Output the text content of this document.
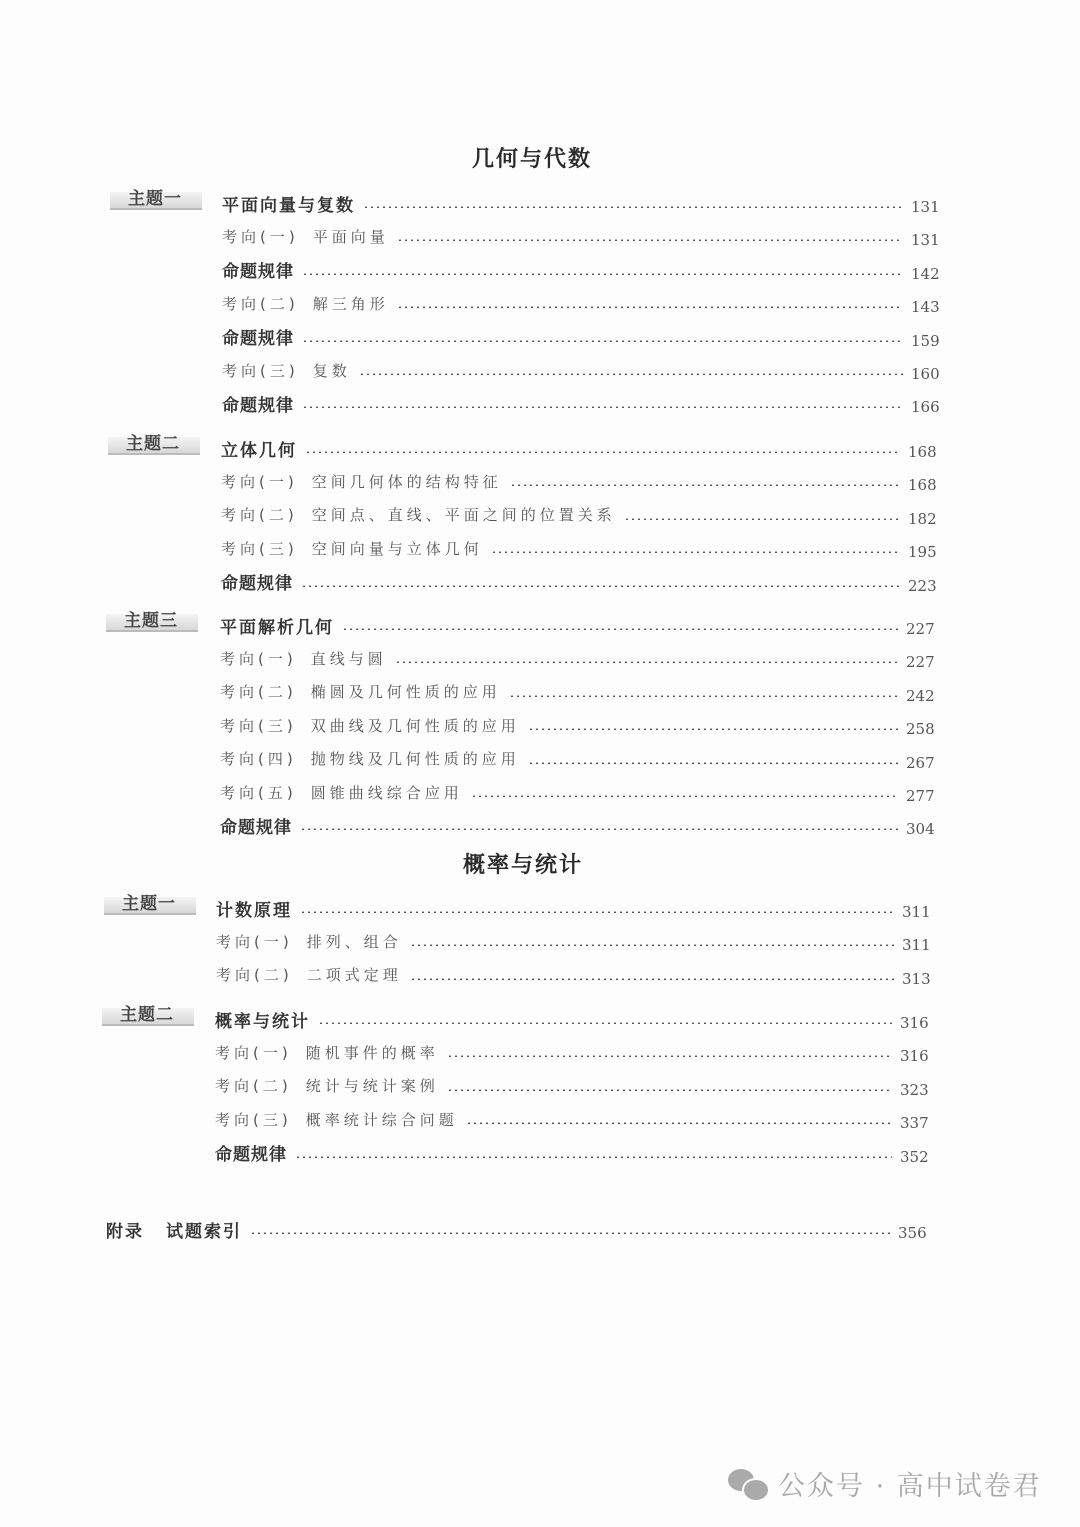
几何与代数
主题一 平面向量与复数	131
考向(一) 平面向量	131
命题规律	142
考向(二) 解三角形	143
命题规律	159
考向(三) 复数	160
命题规律	166
主题二 立体几何	168
考向(一) 空间几何体的结构特征	168
考向(二) 空间点、直线、平面之间的位置关系	182
考向(三) 空间向量与立体几何	195
命题规律	223
主题三 平面解析几何	227
考向(一) 直线与圆	227
考向(二) 椭圆及几何性质的应用	242
考向(三) 双曲线及几何性质的应用	258
考向(四) 抛物线及几何性质的应用	267
考向(五) 圆锥曲线综合应用	277
命题规律	304
概率与统计
主题一 计数原理	311
考向(一) 排列、组合	311
考向(二) 二项式定理	313
主题二 概率与统计	316
考向(一) 随机事件的概率	316
考向(二) 统计与统计案例	323
考向(三) 概率统计综合问题	337
命题规律	352
附录 试题索引	356
公众号 · 高中试卷君
